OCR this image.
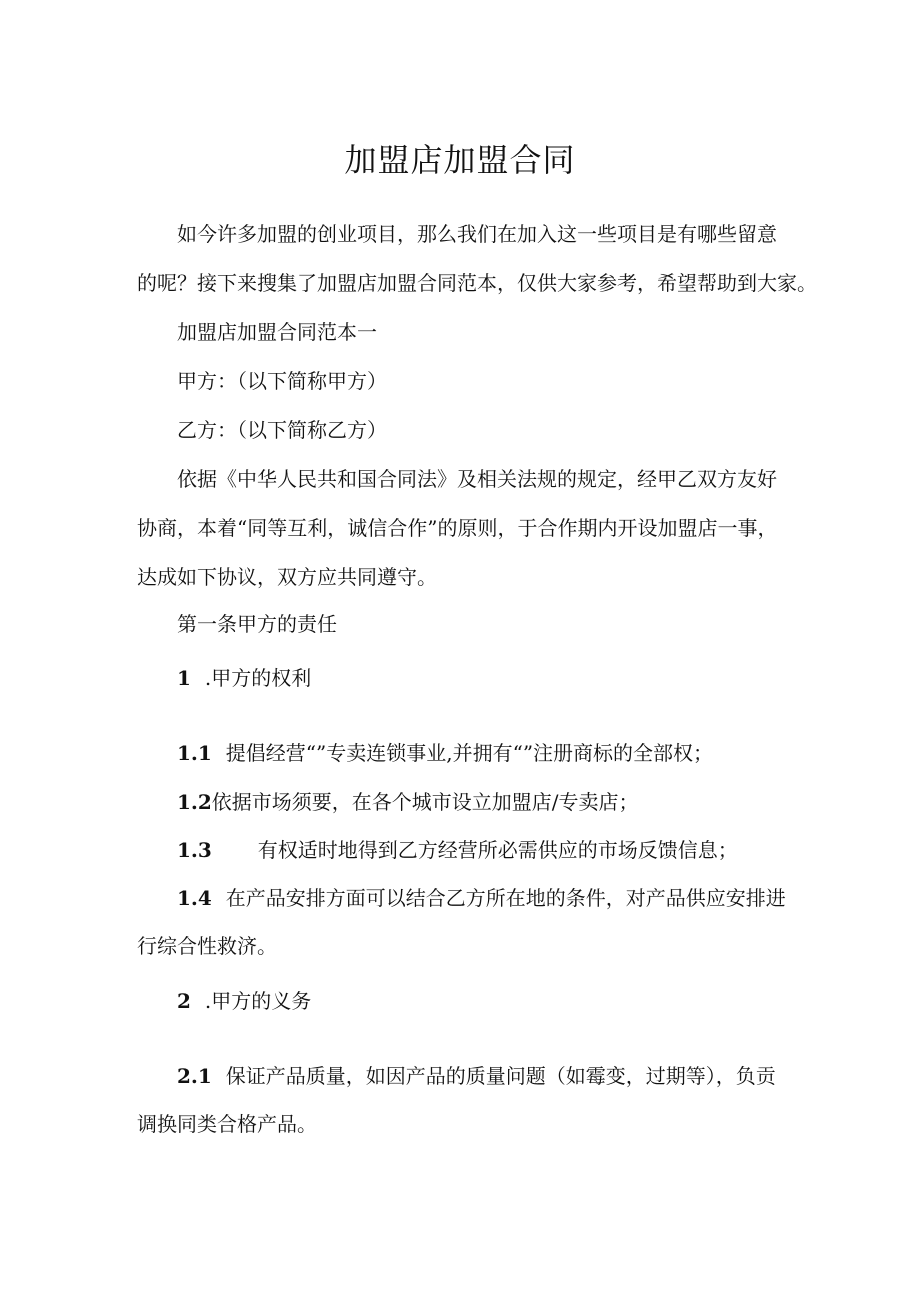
加盟店加盟合同
如今许多加盟的创业项目，那么我们在加入这一些项目是有哪些留意
的呢？接下来搜集了加盟店加盟合同范本，仅供大家参考，希望帮助到大家。
加盟店加盟合同范本一
甲方：（以下简称甲方）
乙方：（以下简称乙方）
依据《中华人民共和国合同法》及相关法规的规定，经甲乙双方友好
协商，本着“同等互利，诚信合作”的原则，于合作期内开设加盟店一事，
达成如下协议，双方应共同遵守。
第一条甲方的责任
1 .甲方的权利
1.1 提倡经营“”专卖连锁事业,并拥有“”注册商标的全部权；
1.2依据市场须要，在各个城市设立加盟店/专卖店；
1.3 有权适时地得到乙方经营所必需供应的市场反馈信息；
1.4 在产品安排方面可以结合乙方所在地的条件，对产品供应安排进
行综合性救济。
2 .甲方的义务
2.1 保证产品质量，如因产品的质量问题（如霉变，过期等），负贡
调换同类合格产品。
